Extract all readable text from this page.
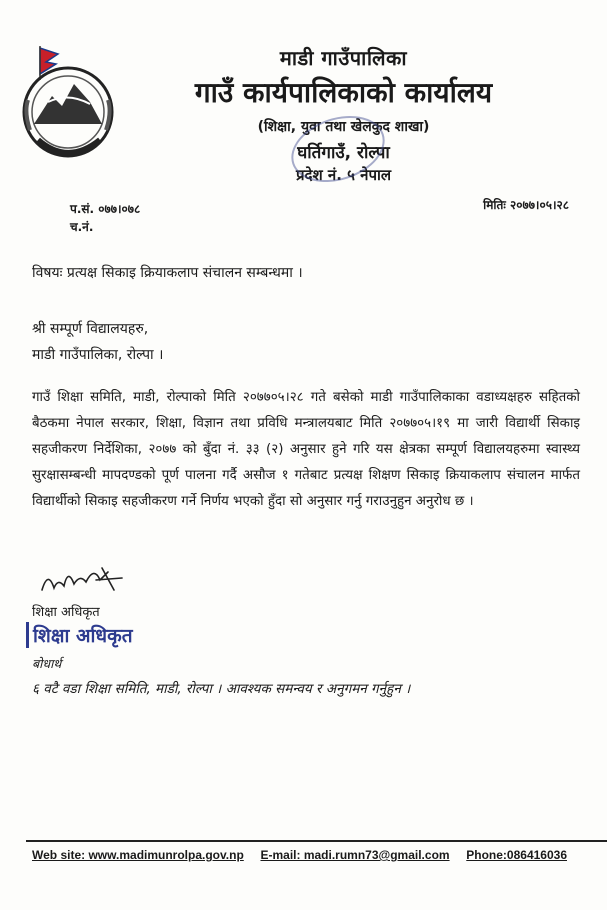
माडी गाउँपालिका
गाउँ कार्यपालिकाको कार्यालय
(शिक्षा, युवा तथा खेलकुद शाखा)
घर्तिगाउँ, रोल्पा
प्रदेश नं. ५ नेपाल
प.सं. ०७७।०७८
च.नं.
मितिः २०७७।०५।२८
विषयः प्रत्यक्ष सिकाइ क्रियाकलाप संचालन सम्बन्धमा ।
श्री सम्पूर्ण विद्यालयहरु,
माडी गाउँपालिका, रोल्पा ।
गाउँ शिक्षा समिति, माडी, रोल्पाको मिति २०७७०५।२८ गते बसेको माडी गाउँपालिकाका वडाध्यक्षहरु सहितको बैठकमा नेपाल सरकार, शिक्षा, विज्ञान तथा प्रविधि मन्त्रालयबाट मिति २०७७०५।१९ मा जारी विद्यार्थी सिकाइ सहजीकरण निर्देशिका, २०७७ को बुँदा नं. ३३ (२) अनुसार हुने गरि यस क्षेत्रका सम्पूर्ण विद्यालयहरुमा स्वास्थ्य सुरक्षासम्बन्धी मापदण्डको पूर्ण पालना गर्दै असौज १ गतेबाट प्रत्यक्ष शिक्षण सिकाइ क्रियाकलाप संचालन मार्फत विद्यार्थीको सिकाइ सहजीकरण गर्ने निर्णय भएको हुँदा सो अनुसार गर्नु गराउनुहुन अनुरोध छ ।
शिक्षा अधिकृत
शिक्षा अधिकृत
बोधार्थ
६ वटै वडा शिक्षा समिति, माडी, रोल्पा । आवश्यक समन्वय र अनुगमन गर्नुहुन ।
Web site: www.madimunrolpa.gov.np E-mail: madi.rumn73@gmail.com Phone:086416036
